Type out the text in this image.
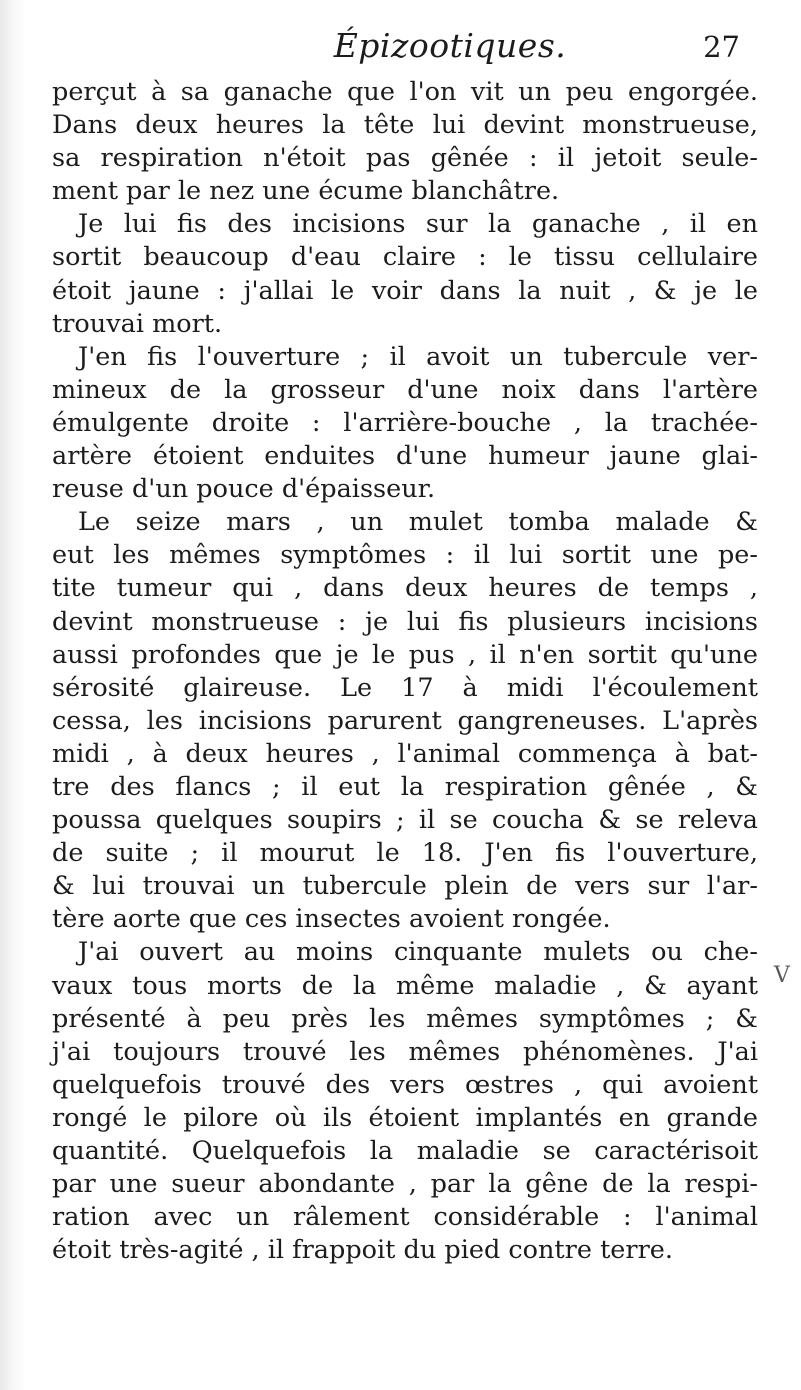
Épizootiques.	27
perçut à sa ganache que l'on vit un peu engorgée.
Dans deux heures la tête lui devint monstrueuse,
sa respiration n'étoit pas gênée : il jetoit seule-
ment par le nez une écume blanchâtre.
Je lui fis des incisions sur la ganache , il en
sortit beaucoup d'eau claire : le tissu cellulaire
étoit jaune : j'allai le voir dans la nuit , & je le
trouvai mort.
J'en fis l'ouverture ; il avoit un tubercule ver-
mineux de la grosseur d'une noix dans l'artère
émulgente droite : l'arrière-bouche , la trachée-
artère étoient enduites d'une humeur jaune glai-
reuse d'un pouce d'épaisseur.
Le seize mars , un mulet tomba malade &
eut les mêmes symptômes : il lui sortit une pe-
tite tumeur qui , dans deux heures de temps ,
devint monstrueuse : je lui fis plusieurs incisions
aussi profondes que je le pus , il n'en sortit qu'une
sérosité glaireuse. Le 17 à midi l'écoulement
cessa, les incisions parurent gangreneuses. L'après
midi , à deux heures , l'animal commença à bat-
tre des flancs ; il eut la respiration gênée , &
poussa quelques soupirs ; il se coucha & se releva
de suite ; il mourut le 18. J'en fis l'ouverture,
& lui trouvai un tubercule plein de vers sur l'ar-
tère aorte que ces insectes avoient rongée.
J'ai ouvert au moins cinquante mulets ou che-
vaux tous morts de la même maladie , & ayant
présenté à peu près les mêmes symptômes ; &
j'ai toujours trouvé les mêmes phénomènes. J'ai
quelquefois trouvé des vers œstres , qui avoient
rongé le pilore où ils étoient implantés en grande
quantité. Quelquefois la maladie se caractérisoit
par une sueur abondante , par la gêne de la respi-
ration avec un râlement considérable : l'animal
étoit très-agité , il frappoit du pied contre terre.
V
